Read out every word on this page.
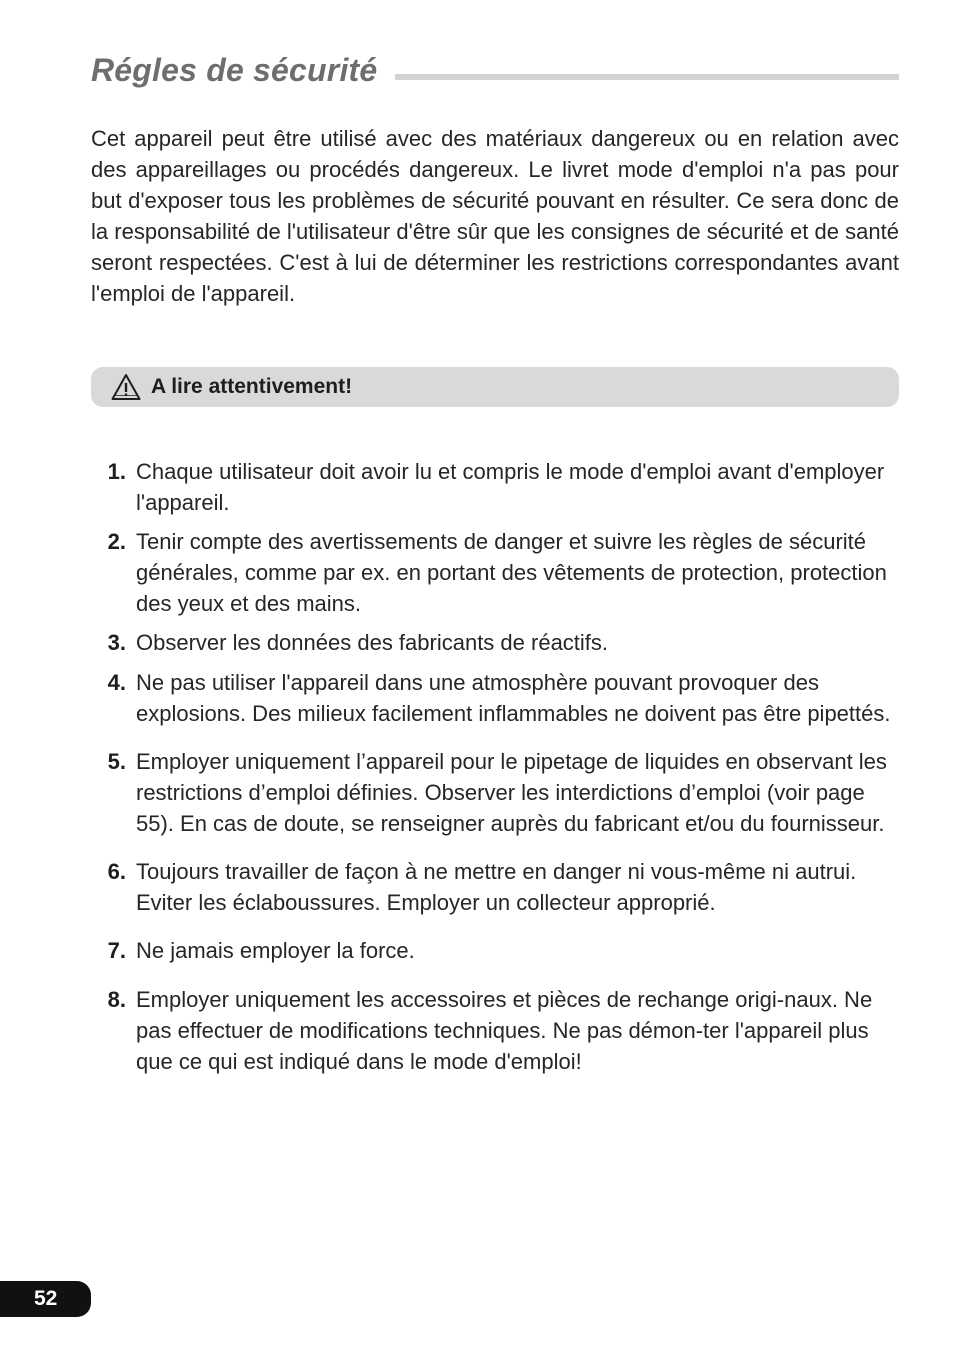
Régles de sécurité

Cet appareil peut être utilisé avec des matériaux dangereux ou en relation avec des appareillages ou procédés dangereux. Le livret mode d'emploi n'a pas pour but d'exposer tous les problèmes de sécurité pouvant en résulter. Ce sera donc de la responsabilité de l'utilisateur d'être sûr que les consignes de sécurité et de santé seront respectées. C'est à lui de déterminer les restrictions correspondantes avant l'emploi de l'appareil.

A lire attentivement!
1. Chaque utilisateur doit avoir lu et compris le mode d'emploi avant d'employer l'appareil.
2. Tenir compte des avertissements de danger et suivre les règles de sécurité générales, comme par ex. en portant des vêtements de protection, protection des yeux et des mains.
3. Observer les données des fabricants de réactifs.
4. Ne pas utiliser l'appareil dans une atmosphère pouvant provoquer des explosions. Des milieux facilement inflammables ne doivent pas être pipettés.
5. Employer uniquement l’appareil pour le pipetage de liquides en observant les restrictions d’emploi définies. Observer les interdictions d’emploi (voir page 55). En cas de doute, se renseigner auprès du fabricant et/ou du fournisseur.
6. Toujours travailler de façon à ne mettre en danger ni vous-même ni autrui. Eviter les éclaboussures. Employer un collecteur approprié.
7. Ne jamais employer la force.
8. Employer uniquement les accessoires et pièces de rechange origi-naux. Ne pas effectuer de modifications techniques. Ne pas démon-ter l'appareil plus que ce qui est indiqué dans le mode d'emploi!
52
